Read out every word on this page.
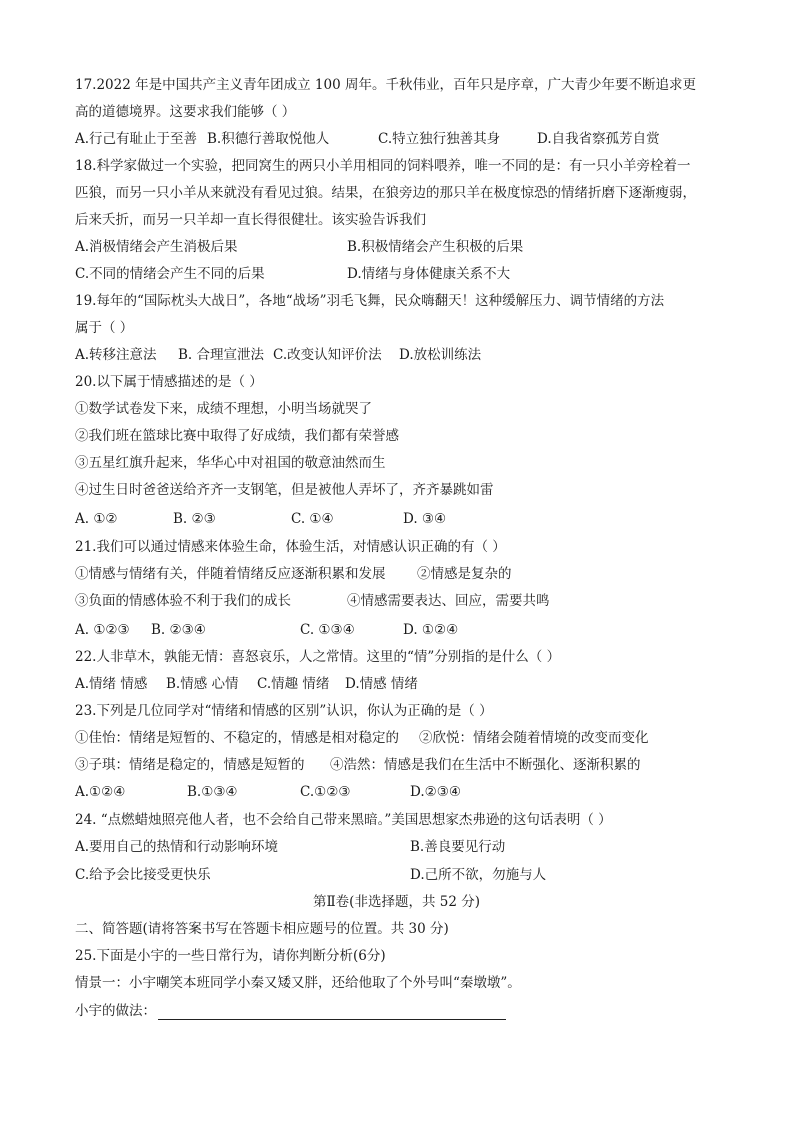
17.2022 年是中国共产主义青年团成立 100 周年。千秋伟业，百年只是序章，广大青少年要不断追求更
高的道德境界。这要求我们能够（ ）
A.行己有耻止于至善 B.积德行善取悦他人	C.特立独行独善其身	D.自我省察孤芳自赏
18.科学家做过一个实验，把同窝生的两只小羊用相同的饲料喂养，唯一不同的是：有一只小羊旁栓着一
匹狼，而另一只小羊从来就没有看见过狼。结果，在狼旁边的那只羊在极度惊恐的情绪折磨下逐渐瘦弱，
后来夭折，而另一只羊却一直长得很健壮。该实验告诉我们
A.消极情绪会产生消极后果	B.积极情绪会产生积极的后果
C.不同的情绪会产生不同的后果	D.情绪与身体健康关系不大
19.每年的“国际枕头大战日”，各地“战场”羽毛飞舞，民众嗨翻天！这种缓解压力、调节情绪的方法
属于（ ）
A.转移注意法 B. 合理宣泄法 C.改变认知评价法 D.放松训练法
20.以下属于情感描述的是（ ）
①数学试卷发下来，成绩不理想，小明当场就哭了
②我们班在篮球比赛中取得了好成绩，我们都有荣誉感
③五星红旗升起来，华华心中对祖国的敬意油然而生
④过生日时爸爸送给齐齐一支钢笔，但是被他人弄坏了，齐齐暴跳如雷
A. ①②	B. ②③	C. ①④	D. ③④
21.我们可以通过情感来体验生命，体验生活，对情感认识正确的有（ ）
①情感与情绪有关，伴随着情绪反应逐渐积累和发展 ②情感是复杂的
③负面的情感体验不利于我们的成长	④情感需要表达、回应，需要共鸣
A. ①②③ B. ②③④	C. ①③④	D. ①②④
22.人非草木，孰能无情：喜怒哀乐，人之常情。这里的“情”分别指的是什么（ ）
A.情绪 情感 B.情感 心情 C.情趣 情绪 D.情感 情绪
23.下列是几位同学对“情绪和情感的区别”认识，你认为正确的是（ ）
①佳怡：情绪是短暂的、不稳定的，情感是相对稳定的 ②欣悦：情绪会随着情境的改变而变化
③子琪：情绪是稳定的，情感是短暂的 ④浩然：情感是我们在生活中不断强化、逐渐积累的
A.①②④	B.①③④	C.①②③	D.②③④
24. “点燃蜡烛照亮他人者，也不会给自己带来黑暗。”美国思想家杰弗逊的这句话表明（ ）
A.要用自己的热情和行动影响环境	B.善良要见行动
C.给予会比接受更快乐	D.己所不欲，勿施与人
第Ⅱ卷(非选择题，共 52 分)
二、简答题(请将答案书写在答题卡相应题号的位置。共 30 分)
25.下面是小宇的一些日常行为，请你判断分析(6分)
情景一：小宇嘲笑本班同学小秦又矮又胖，还给他取了个外号叫“秦墩墩”。
小宇的做法：
